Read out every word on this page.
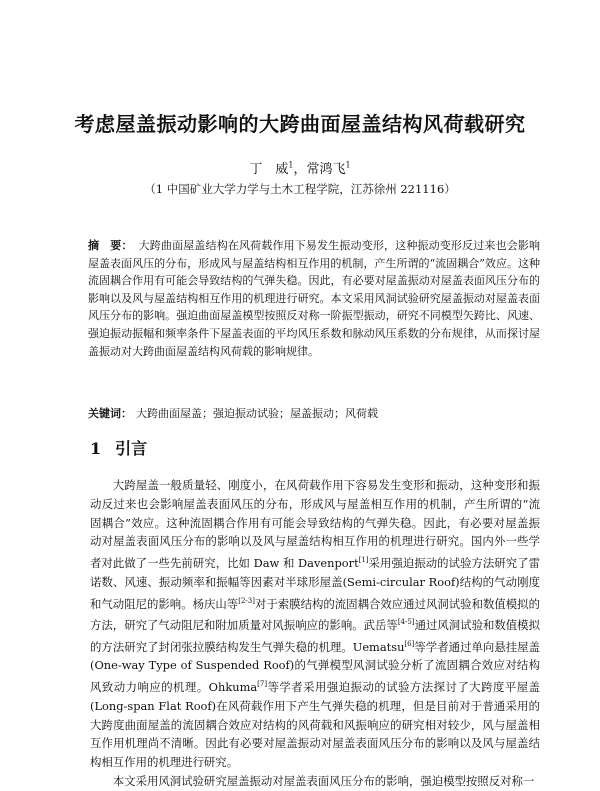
考虑屋盖振动影响的大跨曲面屋盖结构风荷载研究
丁　威$^1$，常鸿飞$^1$
（1 中国矿业大学力学与土木工程学院，江苏徐州 221116）
摘　要： 大跨曲面屋盖结构在风荷载作用下易发生振动变形，这种振动变形反过来也会影响屋盖表面风压的分布，形成风与屋盖结构相互作用的机制，产生所谓的“流固耦合”效应。这种流固耦合作用有可能会导致结构的气弹失稳。因此，有必要对屋盖振动对屋盖表面风压分布的影响以及风与屋盖结构相互作用的机理进行研究。本文采用风洞试验研究屋盖振动对屋盖表面风压分布的影响。强迫曲面屋盖模型按照反对称一阶振型振动，研究不同模型矢跨比、风速、强迫振动振幅和频率条件下屋盖表面的平均风压系数和脉动风压系数的分布规律，从而探讨屋盖振动对大跨曲面屋盖结构风荷载的影响规律。
关键词： 大跨曲面屋盖；强迫振动试验；屋盖振动；风荷载
1 引言

大跨屋盖一般质量轻、刚度小，在风荷载作用下容易发生变形和振动，这种变形和振动反过来也会影响屋盖表面风压的分布，形成风与屋盖相互作用的机制，产生所谓的“流固耦合”效应。这种流固耦合作用有可能会导致结构的气弹失稳。因此，有必要对屋盖振动对屋盖表面风压分布的影响以及风与屋盖结构相互作用的机理进行研究。国内外一些学者对此做了一些先前研究，比如 Daw 和 Davenport[1]采用强迫振动的试验方法研究了雷诺数、风速、振动频率和振幅等因素对半球形屋盖(Semi-circular Roof)结构的气动刚度和气动阻尼的影响。杨庆山等[2-3]对于索膜结构的流固耦合效应通过风洞试验和数值模拟的方法，研究了气动阻尼和附加质量对风振响应的影响。武岳等[4-5]通过风洞试验和数值模拟的方法研究了封闭张拉膜结构发生气弹失稳的机理。Uematsu[6]等学者通过单向悬挂屋盖(One-way Type of Suspended Roof)的气弹模型风洞试验分析了流固耦合效应对结构风致动力响应的机理。Ohkuma[7]等学者采用强迫振动的试验方法探讨了大跨度平屋盖(Long-span Flat Roof)在风荷载作用下产生气弹失稳的机理，但是目前对于普通采用的大跨度曲面屋盖的流固耦合效应对结构的风荷载和风振响应的研究相对较少，风与屋盖相互作用机理尚不清晰。因此有必要对屋盖振动对屋盖表面风压分布的影响以及风与屋盖结构相互作用的机理进行研究。

本文采用风洞试验研究屋盖振动对屋盖表面风压分布的影响，强迫模型按照反对称一
